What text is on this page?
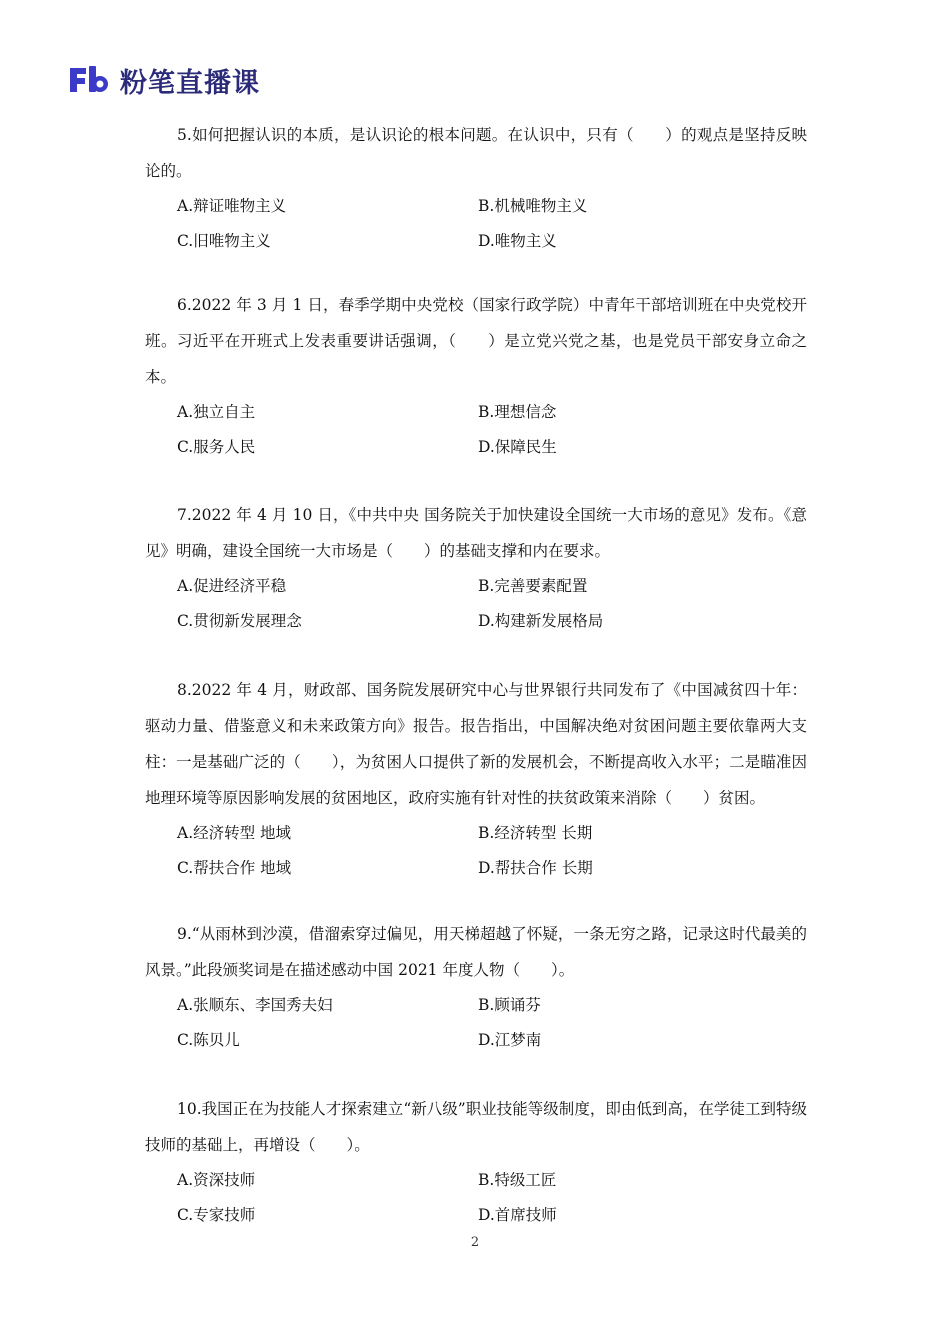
粉笔直播课

5.如何把握认识的本质，是认识论的根本问题。在认识中，只有（　　）的观点是坚持反映论的。

A.辩证唯物主义	B.机械唯物主义
C.旧唯物主义	D.唯物主义

6.2022 年 3 月 1 日，春季学期中央党校（国家行政学院）中青年干部培训班在中央党校开班。习近平在开班式上发表重要讲话强调，（　　）是立党兴党之基，也是党员干部安身立命之本。

A.独立自主	B.理想信念
C.服务人民	D.保障民生

7.2022 年 4 月 10 日，《中共中央 国务院关于加快建设全国统一大市场的意见》发布。《意见》明确，建设全国统一大市场是（　　）的基础支撑和内在要求。

A.促进经济平稳	B.完善要素配置
C.贯彻新发展理念	D.构建新发展格局

8.2022 年 4 月，财政部、国务院发展研究中心与世界银行共同发布了《中国减贫四十年：驱动力量、借鉴意义和未来政策方向》报告。报告指出，中国解决绝对贫困问题主要依靠两大支柱：一是基础广泛的（　　），为贫困人口提供了新的发展机会，不断提高收入水平；二是瞄准因地理环境等原因影响发展的贫困地区，政府实施有针对性的扶贫政策来消除（　　）贫困。

A.经济转型 地域	B.经济转型 长期
C.帮扶合作 地域	D.帮扶合作 长期

9.“从雨林到沙漠，借溜索穿过偏见，用天梯超越了怀疑，一条无穷之路，记录这时代最美的风景。”此段颁奖词是在描述感动中国 2021 年度人物（　　）。

A.张顺东、李国秀夫妇	B.顾诵芬
C.陈贝儿	D.江梦南

10.我国正在为技能人才探索建立“新八级”职业技能等级制度，即由低到高，在学徒工到特级技师的基础上，再增设（　　）。

A.资深技师	B.特级工匠
C.专家技师	D.首席技师
2
